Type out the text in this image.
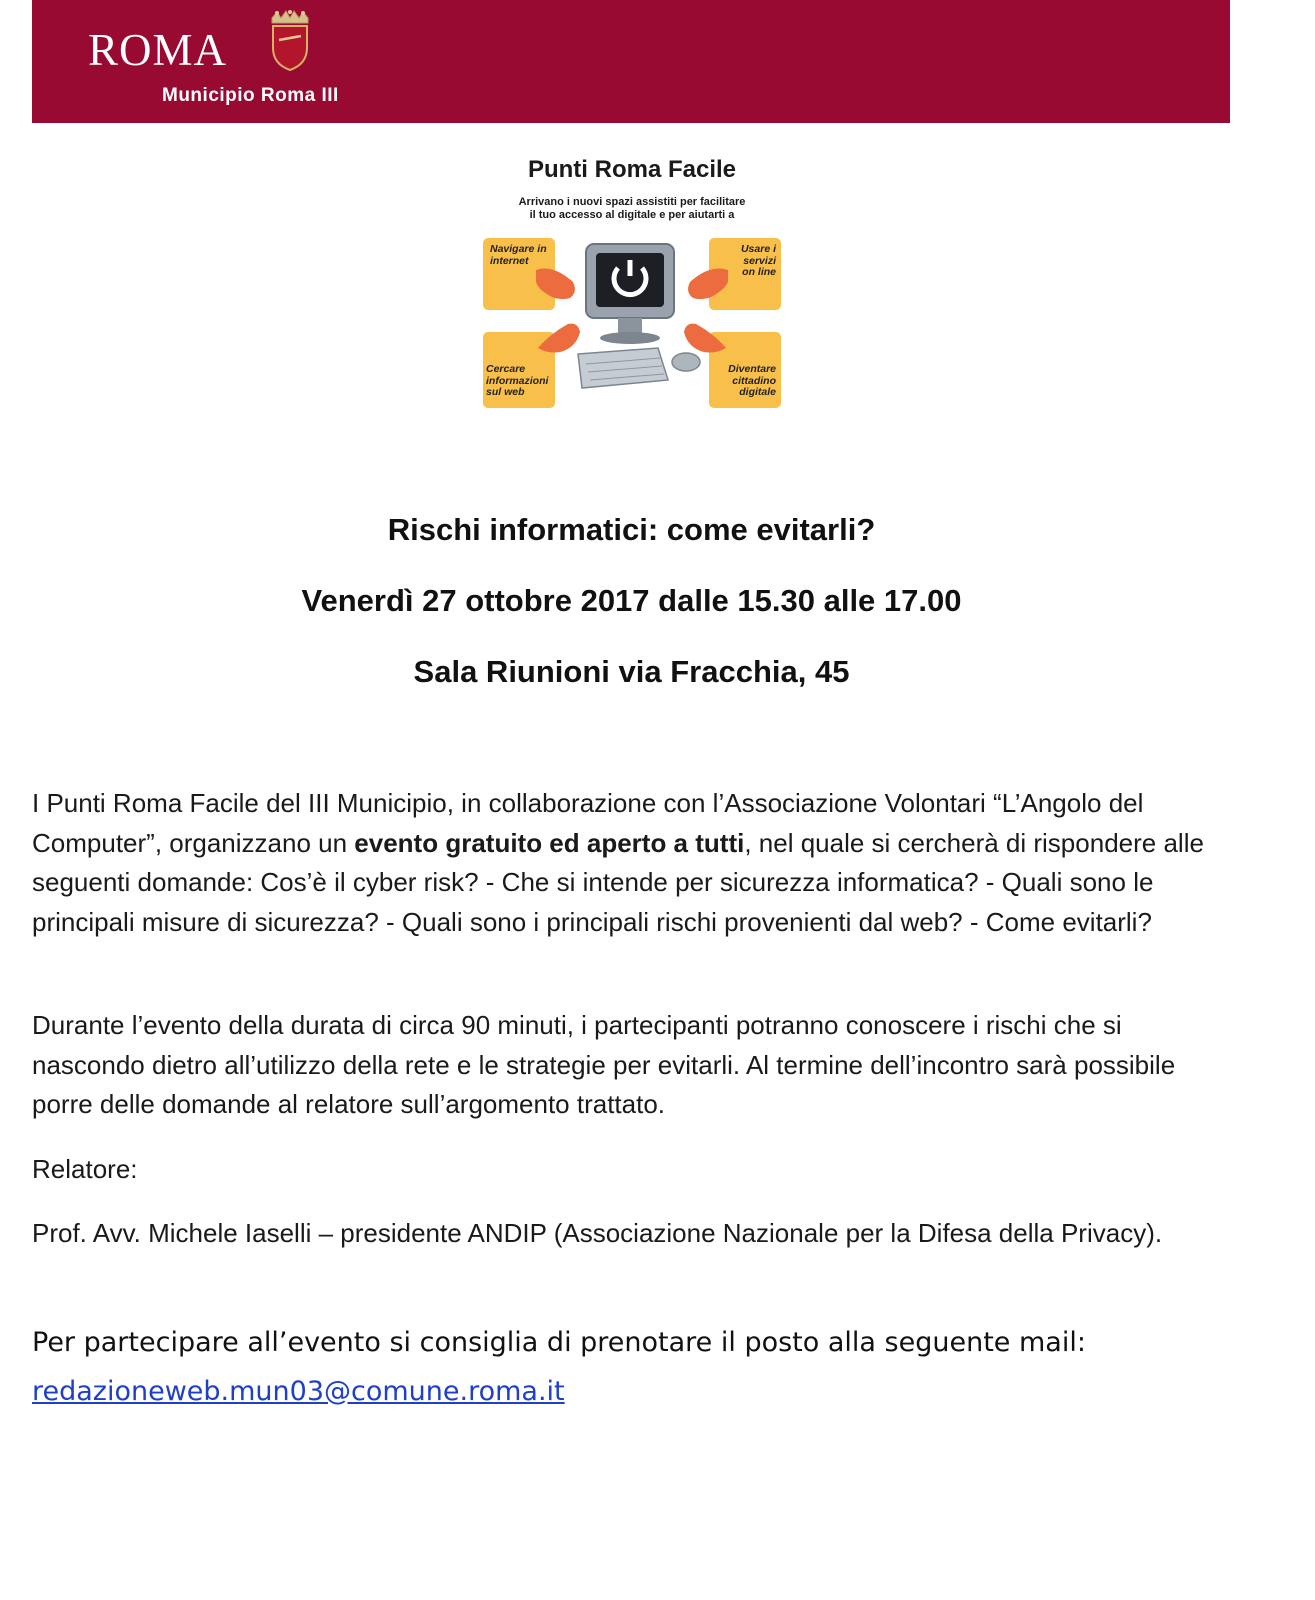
ROMA
Municipio Roma III
Punti Roma Facile
Arrivano i nuovi spazi assistiti per facilitare
il tuo accesso al digitale e per aiutarti a
Navigare in
internet
Usare i
servizi
on line
Cercare
informazioni
sul web
Diventare
cittadino
digitale
Rischi informatici: come evitarli?
Venerdì 27 ottobre 2017 dalle 15.30 alle 17.00
Sala Riunioni via Fracchia, 45

I Punti Roma Facile del III Municipio, in collaborazione con l’Associazione Volontari “L’Angolo del Computer”, organizzano un evento gratuito ed aperto a tutti, nel quale si cercherà di rispondere alle seguenti domande: Cos’è il cyber risk? - Che si intende per sicurezza informatica? - Quali sono le principali misure di sicurezza? - Quali sono i principali rischi provenienti dal web? - Come evitarli?

Durante l’evento della durata di circa 90 minuti, i partecipanti potranno conoscere i rischi che si nascondo dietro all’utilizzo della rete e le strategie per evitarli. Al termine dell’incontro sarà possibile porre delle domande al relatore sull’argomento trattato.

Relatore:

Prof. Avv. Michele Iaselli – presidente ANDIP (Associazione Nazionale per la Difesa della Privacy).

Per partecipare all’evento si consiglia di prenotare il posto alla seguente mail:
redazioneweb.mun03@comune.roma.it
